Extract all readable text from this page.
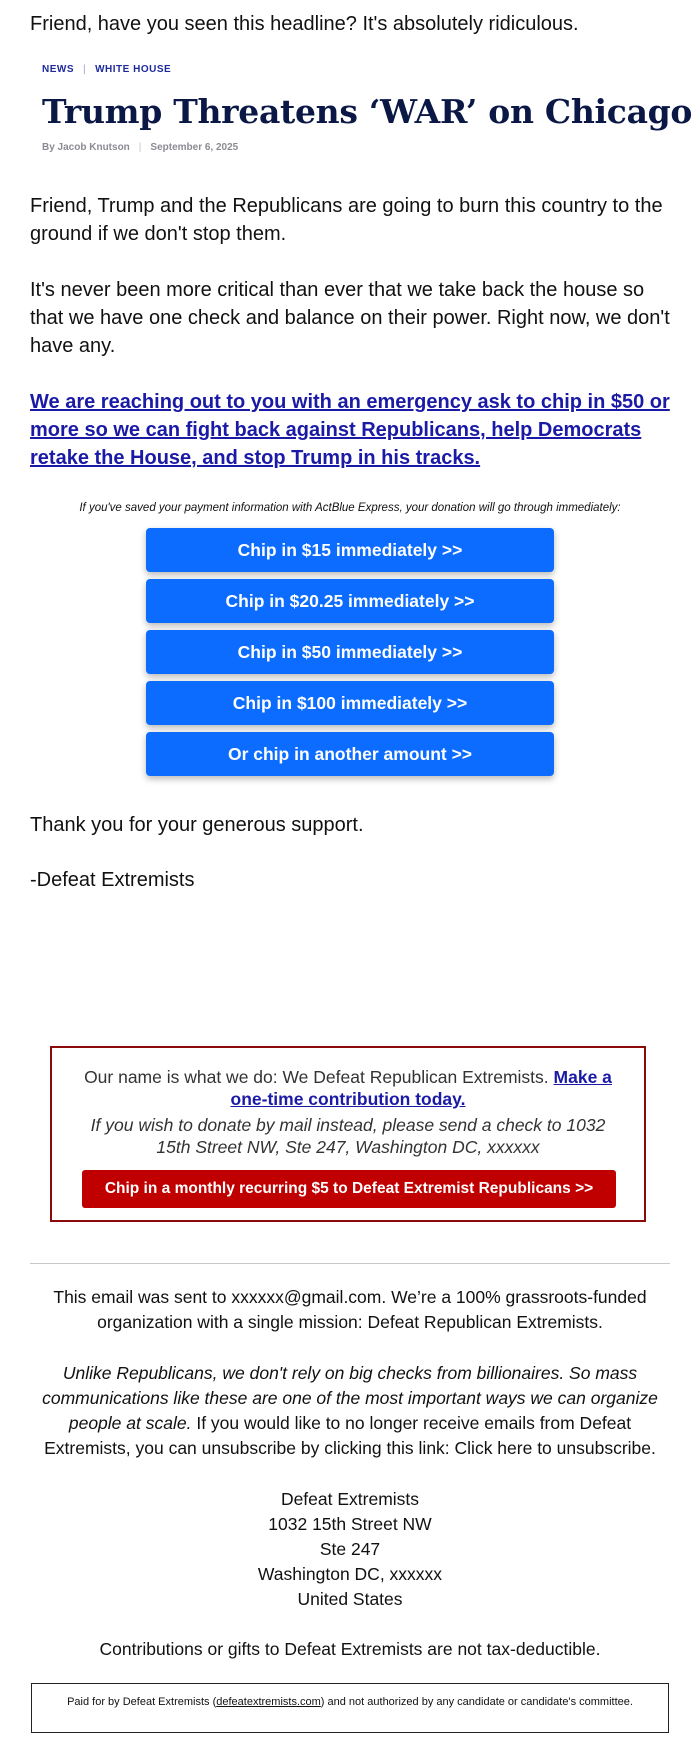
Friend, have you seen this headline? It's absolutely ridiculous.

NEWS | WHITE HOUSE
Trump Threatens ‘WAR’ on Chicago
By Jacob Knutson | September 6, 2025

Friend, Trump and the Republicans are going to burn this country to the ground if we don't stop them.

It's never been more critical than ever that we take back the house so that we have one check and balance on their power. Right now, we don't have any.

We are reaching out to you with an emergency ask to chip in $50 or more so we can fight back against Republicans, help Democrats retake the House, and stop Trump in his tracks.

If you've saved your payment information with ActBlue Express, your donation will go through immediately:
Chip in $15 immediately >>
Chip in $20.25 immediately >>
Chip in $50 immediately >>
Chip in $100 immediately >>
Or chip in another amount >>

Thank you for your generous support.

-Defeat Extremists

Our name is what we do: We Defeat Republican Extremists. Make a one-time contribution today.
If you wish to donate by mail instead, please send a check to 1032 15th Street NW, Ste 247, Washington DC, xxxxxx
Chip in a monthly recurring $5 to Defeat Extremist Republicans >>

This email was sent to xxxxxx@gmail.com. We’re a 100% grassroots-funded organization with a single mission: Defeat Republican Extremists.

Unlike Republicans, we don't rely on big checks from billionaires. So mass communications like these are one of the most important ways we can organize people at scale. If you would like to no longer receive emails from Defeat Extremists, you can unsubscribe by clicking this link: Click here to unsubscribe.

Defeat Extremists
1032 15th Street NW
Ste 247
Washington DC, xxxxxx
United States

Contributions or gifts to Defeat Extremists are not tax-deductible.

Paid for by Defeat Extremists (defeatextremists.com) and not authorized by any candidate or candidate's committee.
